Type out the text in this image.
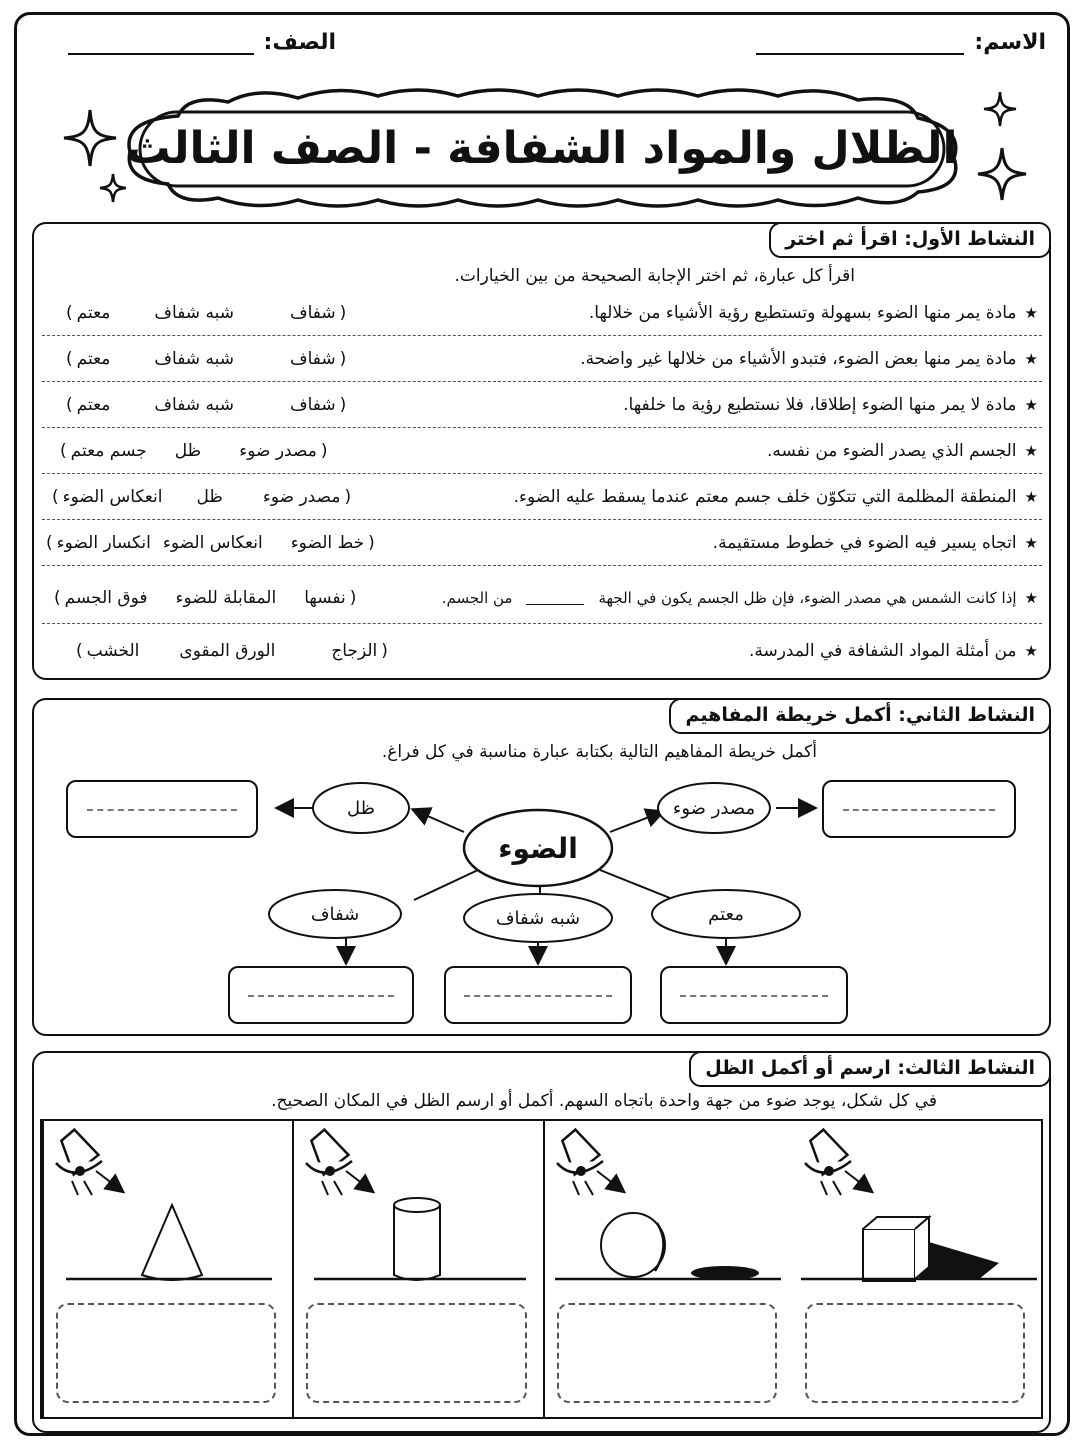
الاسم:
الصف:
الظلال والمواد الشفافة - الصف الثالث
النشاط الأول: اقرأ ثم اختر
اقرأ كل عبارة، ثم اختر الإجابة الصحيحة من بين الخيارات.
★
مادة يمر منها الضوء بسهولة وتستطيع رؤية الأشياء من خلالها.
(
شفاف
شبه شفاف
معتم
)
★
مادة يمر منها بعض الضوء، فتبدو الأشياء من خلالها غير واضحة.
(
شفاف
شبه شفاف
معتم
)
★
مادة لا يمر منها الضوء إطلاقا، فلا نستطيع رؤية ما خلفها.
(
شفاف
شبه شفاف
معتم
)
★
الجسم الذي يصدر الضوء من نفسه.
(
مصدر ضوء
ظل
جسم معتم
)
★
المنطقة المظلمة التي تتكوّن خلف جسم معتم عندما يسقط عليه الضوء.
(
مصدر ضوء
ظل
انعكاس الضوء
)
★
اتجاه يسير فيه الضوء في خطوط مستقيمة.
(
خط الضوء
انعكاس الضوء
انكسار الضوء
)
★
إذا كانت الشمس هي مصدر الضوء، فإن ظل الجسم يكون في الجهة
من الجسم.
(
نفسها
المقابلة للضوء
فوق الجسم
)
★
من أمثلة المواد الشفافة في المدرسة.
(
الزجاج
الورق المقوى
الخشب
)
النشاط الثاني: أكمل خريطة المفاهيم
أكمل خريطة المفاهيم التالية بكتابة عبارة مناسبة في كل فراغ.
الضوء
ظل	مصدر ضوء
شفاف	شبه شفاف	معتم
النشاط الثالث: ارسم أو أكمل الظل
في كل شكل، يوجد ضوء من جهة واحدة باتجاه السهم. أكمل أو ارسم الظل في المكان الصحيح.
